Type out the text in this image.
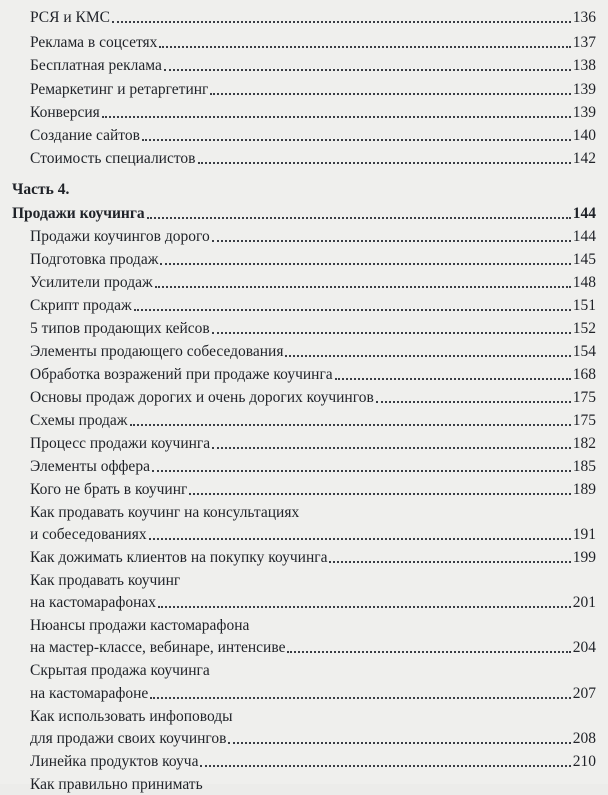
РСЯ и КМС	136
Реклама в соцсетях	137
Бесплатная реклама	138
Ремаркетинг и ретаргетинг	139
Конверсия	139
Создание сайтов	140
Стоимость специалистов	142
Часть 4.
Продажи коучинга	144
Продажи коучингов дорого	144
Подготовка продаж	145
Усилители продаж	148
Скрипт продаж	151
5 типов продающих кейсов	152
Элементы продающего собеседования	154
Обработка возражений при продаже коучинга	168
Основы продаж дорогих и очень дорогих коучингов	175
Схемы продаж	175
Процесс продажи коучинга	182
Элементы оффера	185
Кого не брать в коучинг	189
Как продавать коучинг на консультациях
и собеседованиях	191
Как дожимать клиентов на покупку коучинга	199
Как продавать коучинг
на кастомарафонах	201
Нюансы продажи кастомарафона
на мастер-классе, вебинаре, интенсиве	204
Скрытая продажа коучинга
на кастомарафоне	207
Как использовать инфоповоды
для продажи своих коучингов	208
Линейка продуктов коуча	210
Как правильно принимать
